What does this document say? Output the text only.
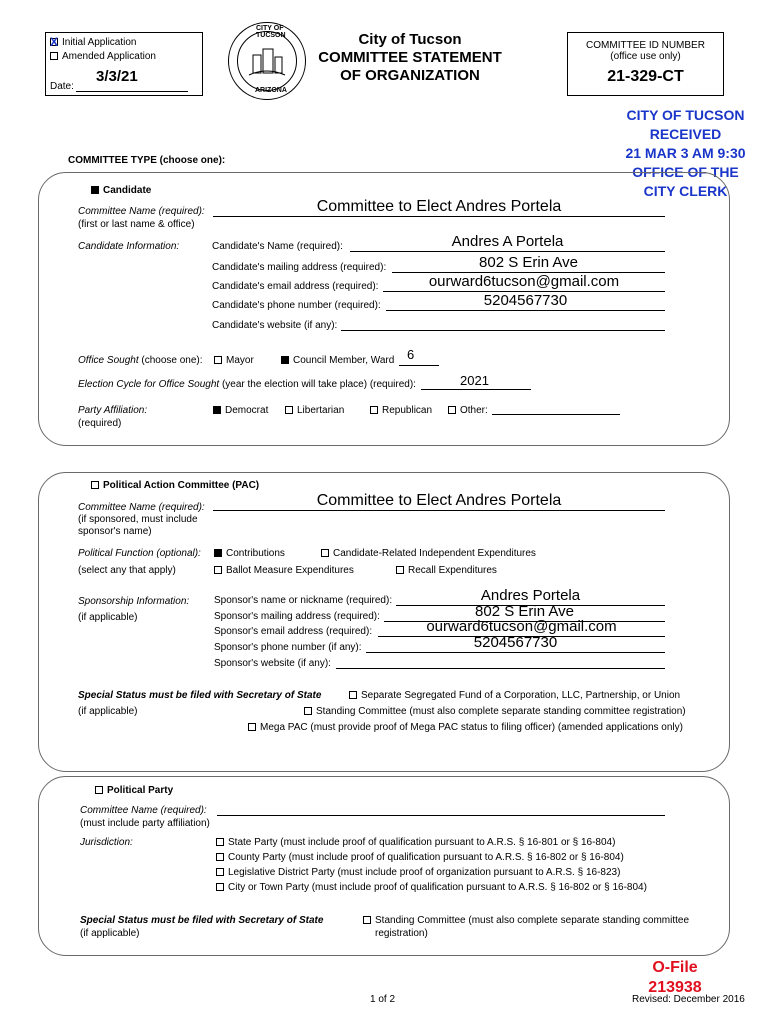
X Initial Application
Amended Application
3/3/21
Date:
CITY OF TUCSON
ARIZONA
City of Tucson
COMMITTEE STATEMENT
OF ORGANIZATION
COMMITTEE ID NUMBER
(office use only)
21-329-CT
CITY OF TUCSON
RECEIVED
21 MAR 3 AM 9:30
OFFICE OF THE
CITY CLERK
COMMITTEE TYPE (choose one):
Candidate
Committee Name (required):
(first or last name & office)
Committee to Elect Andres Portela
Candidate Information:	Candidate's Name (required):	Andres A Portela
Candidate's mailing address (required):	802 S Erin Ave
Candidate's email address (required):	ourward6tucson@gmail.com
Candidate's phone number (required):	5204567730
Candidate's website (if any):
Office Sought (choose one):	Mayor	Council Member, Ward 6
Election Cycle for Office Sought (year the election will take place) (required):	2021
Party Affiliation:
(required)
Democrat	Libertarian	Republican	Other:
Political Action Committee (PAC)
Committee Name (required):
(if sponsored, must include
sponsor's name)
Committee to Elect Andres Portela
Political Function (optional):
(select any that apply)
Contributions	Candidate-Related Independent Expenditures
Ballot Measure Expenditures	Recall Expenditures
Sponsorship Information:
(if applicable)
Sponsor's name or nickname (required):	Andres Portela
Sponsor's mailing address (required):	802 S Erin Ave
Sponsor's email address (required):	ourward6tucson@gmail.com
Sponsor's phone number (if any):	5204567730
Sponsor's website (if any):
Special Status must be filed with Secretary of State
(if applicable)
Separate Segregated Fund of a Corporation, LLC, Partnership, or Union
Standing Committee (must also complete separate standing committee registration)
Mega PAC (must provide proof of Mega PAC status to filing officer) (amended applications only)
Political Party
Committee Name (required):
(must include party affiliation)
Jurisdiction:	State Party (must include proof of qualification pursuant to A.R.S. § 16-801 or § 16-804)
County Party (must include proof of qualification pursuant to A.R.S. § 16-802 or § 16-804)
Legislative District Party (must include proof of organization pursuant to A.R.S. § 16-823)
City or Town Party (must include proof of qualification pursuant to A.R.S. § 16-802 or § 16-804)
Special Status must be filed with Secretary of State
(if applicable)
Standing Committee (must also complete separate standing committee
registration)
O-File
213938
1 of 2	Revised: December 2016
